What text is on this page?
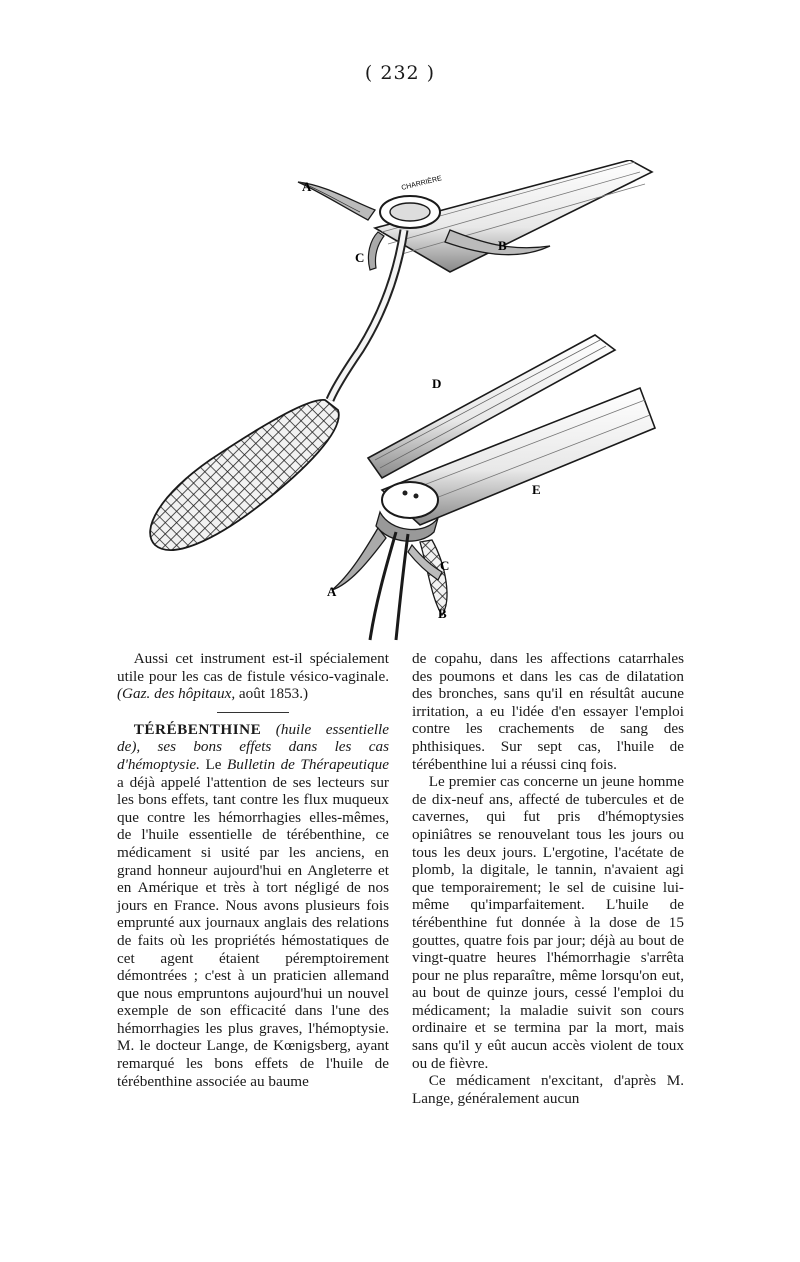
( 232 )
A
B
C
CHARRIÈRE
D
E
A
B
C

Aussi cet instrument est-il spécialement utile pour les cas de fistule vésico-vaginale. (Gaz. des hôpitaux, août 1853.)

TÉRÉBENTHINE (huile essentielle de), ses bons effets dans les cas d'hémoptysie. Le Bulletin de Thérapeutique a déjà appelé l'attention de ses lecteurs sur les bons effets, tant contre les flux muqueux que contre les hémorrhagies elles-mêmes, de l'huile essentielle de térébenthine, ce médicament si usité par les anciens, en grand honneur aujourd'hui en Angleterre et en Amérique et très à tort négligé de nos jours en France. Nous avons plusieurs fois emprunté aux journaux anglais des relations de faits où les propriétés hémostatiques de cet agent étaient péremptoirement démontrées ; c'est à un praticien allemand que nous empruntons aujourd'hui un nouvel exemple de son efficacité dans l'une des hémorrhagies les plus graves, l'hémoptysie. M. le docteur Lange, de Kœnigsberg, ayant remarqué les bons effets de l'huile de térébenthine associée au baume

de copahu, dans les affections catarrhales des poumons et dans les cas de dilatation des bronches, sans qu'il en résultât aucune irritation, a eu l'idée d'en essayer l'emploi contre les crachements de sang des phthisiques. Sur sept cas, l'huile de térébenthine lui a réussi cinq fois.

Le premier cas concerne un jeune homme de dix-neuf ans, affecté de tubercules et de cavernes, qui fut pris d'hémoptysies opiniâtres se renouvelant tous les jours ou tous les deux jours. L'ergotine, l'acétate de plomb, la digitale, le tannin, n'avaient agi que temporairement; le sel de cuisine lui-même qu'imparfaitement. L'huile de térébenthine fut donnée à la dose de 15 gouttes, quatre fois par jour; déjà au bout de vingt-quatre heures l'hémorrhagie s'arrêta pour ne plus reparaître, même lorsqu'on eut, au bout de quinze jours, cessé l'emploi du médicament; la maladie suivit son cours ordinaire et se termina par la mort, mais sans qu'il y eût aucun accès violent de toux ou de fièvre.

Ce médicament n'excitant, d'après M. Lange, généralement aucun
